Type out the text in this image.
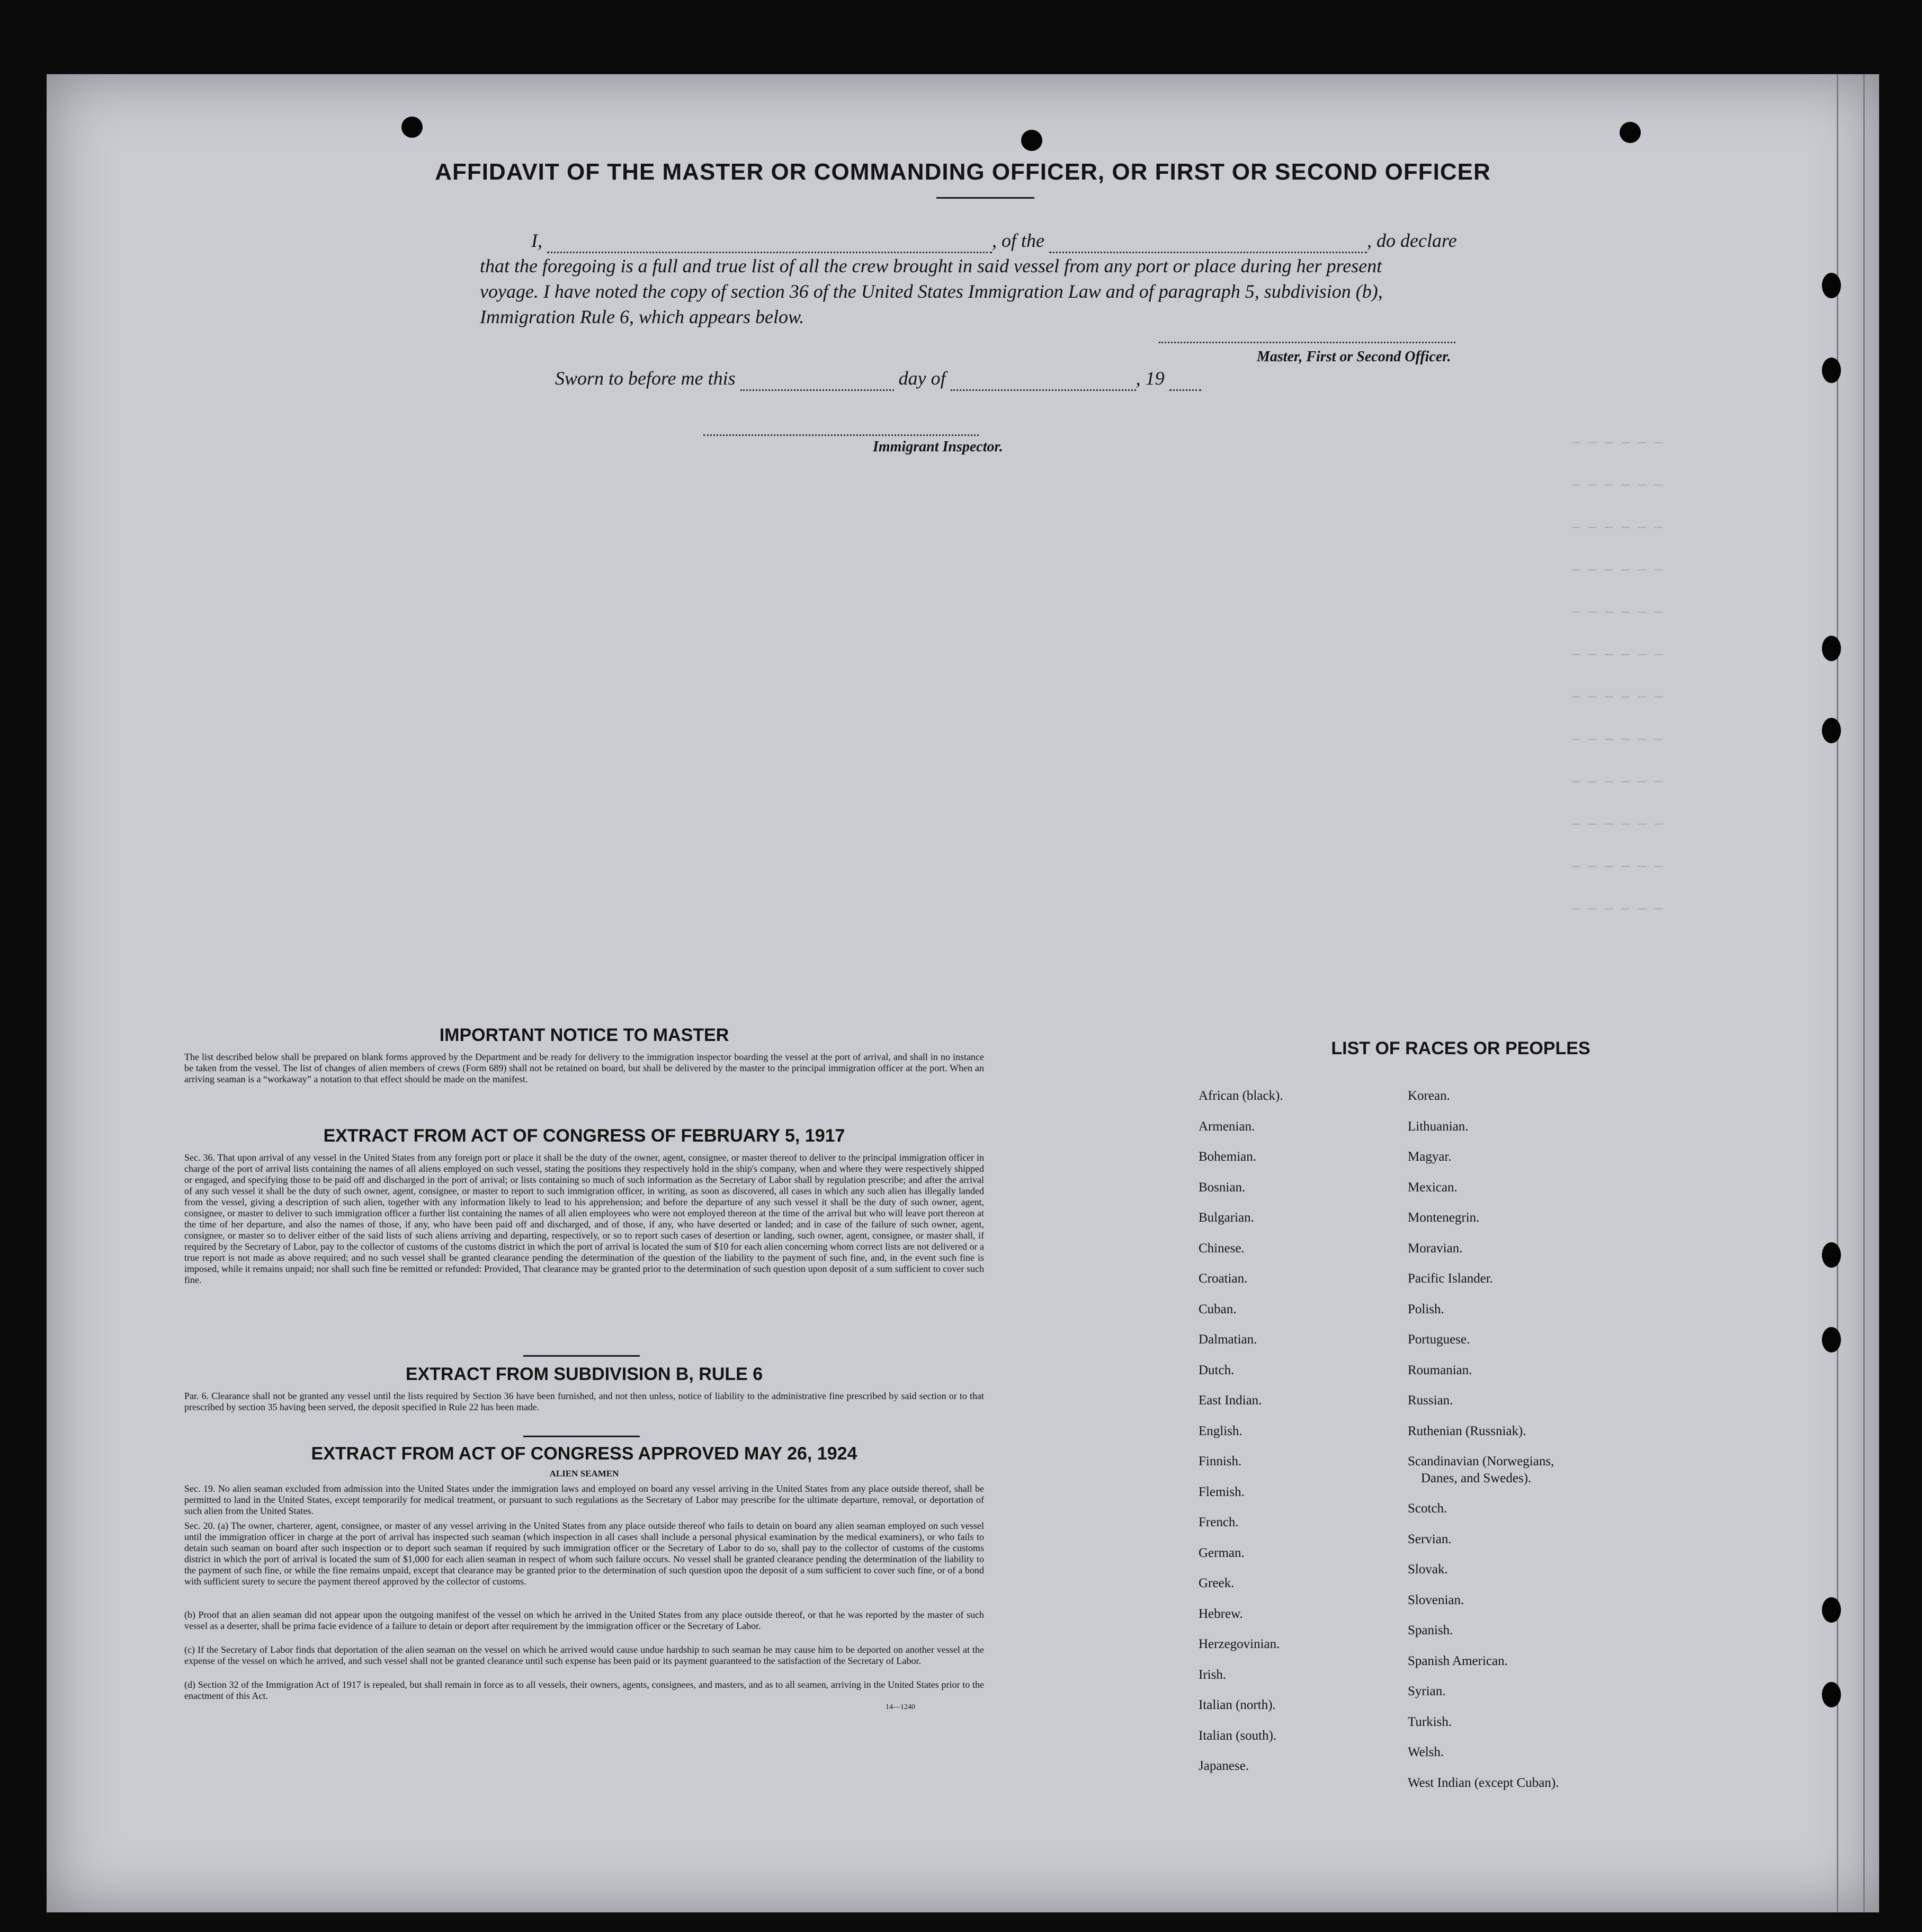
— — — — — —
— — — — — —
— — — — — —
— — — — — —
— — — — — —
— — — — — —
— — — — — —
— — — — — —
— — — — — —
— — — — — —
— — — — — —
— — — — — —
AFFIDAVIT OF THE MASTER OR COMMANDING OFFICER, OR FIRST OR SECOND OFFICER
I,	, of the	, do declare
that the foregoing is a full and true list of all the crew brought in said vessel from any port or place during her present
voyage. I have noted the copy of section 36 of the United States Immigration Law and of paragraph 5, subdivision (b),
Immigration Rule 6, which appears below.
Master, First or Second Officer.
Sworn to before me this	day of	, 19
Immigrant Inspector.
IMPORTANT NOTICE TO MASTER
The list described below shall be prepared on blank forms approved by the Department and be ready for delivery to the immigration inspector boarding the vessel at the port of arrival, and shall in no instance be taken from the vessel. The list of changes of alien members of crews (Form 689) shall not be retained on board, but shall be delivered by the master to the principal immigration officer at the port. When an arriving seaman is a “workaway” a notation to that effect should be made on the manifest.
EXTRACT FROM ACT OF CONGRESS OF FEBRUARY 5, 1917
Sec. 36. That upon arrival of any vessel in the United States from any foreign port or place it shall be the duty of the owner, agent, consignee, or master thereof to deliver to the principal immigration officer in charge of the port of arrival lists containing the names of all aliens employed on such vessel, stating the positions they respectively hold in the ship's company, when and where they were respectively shipped or engaged, and specifying those to be paid off and discharged in the port of arrival; or lists containing so much of such information as the Secretary of Labor shall by regulation prescribe; and after the arrival of any such vessel it shall be the duty of such owner, agent, consignee, or master to report to such immigration officer, in writing, as soon as discovered, all cases in which any such alien has illegally landed from the vessel, giving a description of such alien, together with any information likely to lead to his apprehension; and before the departure of any such vessel it shall be the duty of such owner, agent, consignee, or master to deliver to such immigration officer a further list containing the names of all alien employees who were not employed thereon at the time of the arrival but who will leave port thereon at the time of her departure, and also the names of those, if any, who have been paid off and discharged, and of those, if any, who have deserted or landed; and in case of the failure of such owner, agent, consignee, or master so to deliver either of the said lists of such aliens arriving and departing, respectively, or so to report such cases of desertion or landing, such owner, agent, consignee, or master shall, if required by the Secretary of Labor, pay to the collector of customs of the customs district in which the port of arrival is located the sum of $10 for each alien concerning whom correct lists are not delivered or a true report is not made as above required; and no such vessel shall be granted clearance pending the determination of the question of the liability to the payment of such fine, and, in the event such fine is imposed, while it remains unpaid; nor shall such fine be remitted or refunded: Provided, That clearance may be granted prior to the determination of such question upon deposit of a sum sufficient to cover such fine.
EXTRACT FROM SUBDIVISION B, RULE 6
Par. 6. Clearance shall not be granted any vessel until the lists required by Section 36 have been furnished, and not then unless, notice of liability to the administrative fine prescribed by said section or to that prescribed by section 35 having been served, the deposit specified in Rule 22 has been made.
EXTRACT FROM ACT OF CONGRESS APPROVED MAY 26, 1924
ALIEN SEAMEN
Sec. 19. No alien seaman excluded from admission into the United States under the immigration laws and employed on board any vessel arriving in the United States from any place outside thereof, shall be permitted to land in the United States, except temporarily for medical treatment, or pursuant to such regulations as the Secretary of Labor may prescribe for the ultimate departure, removal, or deportation of such alien from the United States.
Sec. 20. (a) The owner, charterer, agent, consignee, or master of any vessel arriving in the United States from any place outside thereof who fails to detain on board any alien seaman employed on such vessel until the immigration officer in charge at the port of arrival has inspected such seaman (which inspection in all cases shall include a personal physical examination by the medical examiners), or who fails to detain such seaman on board after such inspection or to deport such seaman if required by such immigration officer or the Secretary of Labor to do so, shall pay to the collector of customs of the customs district in which the port of arrival is located the sum of $1,000 for each alien seaman in respect of whom such failure occurs. No vessel shall be granted clearance pending the determination of the liability to the payment of such fine, or while the fine remains unpaid, except that clearance may be granted prior to the determination of such question upon the deposit of a sum sufficient to cover such fine, or of a bond with sufficient surety to secure the payment thereof approved by the collector of customs.
(b) Proof that an alien seaman did not appear upon the outgoing manifest of the vessel on which he arrived in the United States from any place outside thereof, or that he was reported by the master of such vessel as a deserter, shall be prima facie evidence of a failure to detain or deport after requirement by the immigration officer or the Secretary of Labor.
(c) If the Secretary of Labor finds that deportation of the alien seaman on the vessel on which he arrived would cause undue hardship to such seaman he may cause him to be deported on another vessel at the expense of the vessel on which he arrived, and such vessel shall not be granted clearance until such expense has been paid or its payment guaranteed to the satisfaction of the Secretary of Labor.
(d) Section 32 of the Immigration Act of 1917 is repealed, but shall remain in force as to all vessels, their owners, agents, consignees, and masters, and as to all seamen, arriving in the United States prior to the enactment of this Act.
14—1240
LIST OF RACES OR PEOPLES
African (black).
Armenian.
Bohemian.
Bosnian.
Bulgarian.
Chinese.
Croatian.
Cuban.
Dalmatian.
Dutch.
East Indian.
English.
Finnish.
Flemish.
French.
German.
Greek.
Hebrew.
Herzegovinian.
Irish.
Italian (north).
Italian (south).
Japanese.
Korean.
Lithuanian.
Magyar.
Mexican.
Montenegrin.
Moravian.
Pacific Islander.
Polish.
Portuguese.
Roumanian.
Russian.
Ruthenian (Russniak).
Scandinavian (Norwegians,
Danes, and Swedes).
Scotch.
Servian.
Slovak.
Slovenian.
Spanish.
Spanish American.
Syrian.
Turkish.
Welsh.
West Indian (except Cuban).
